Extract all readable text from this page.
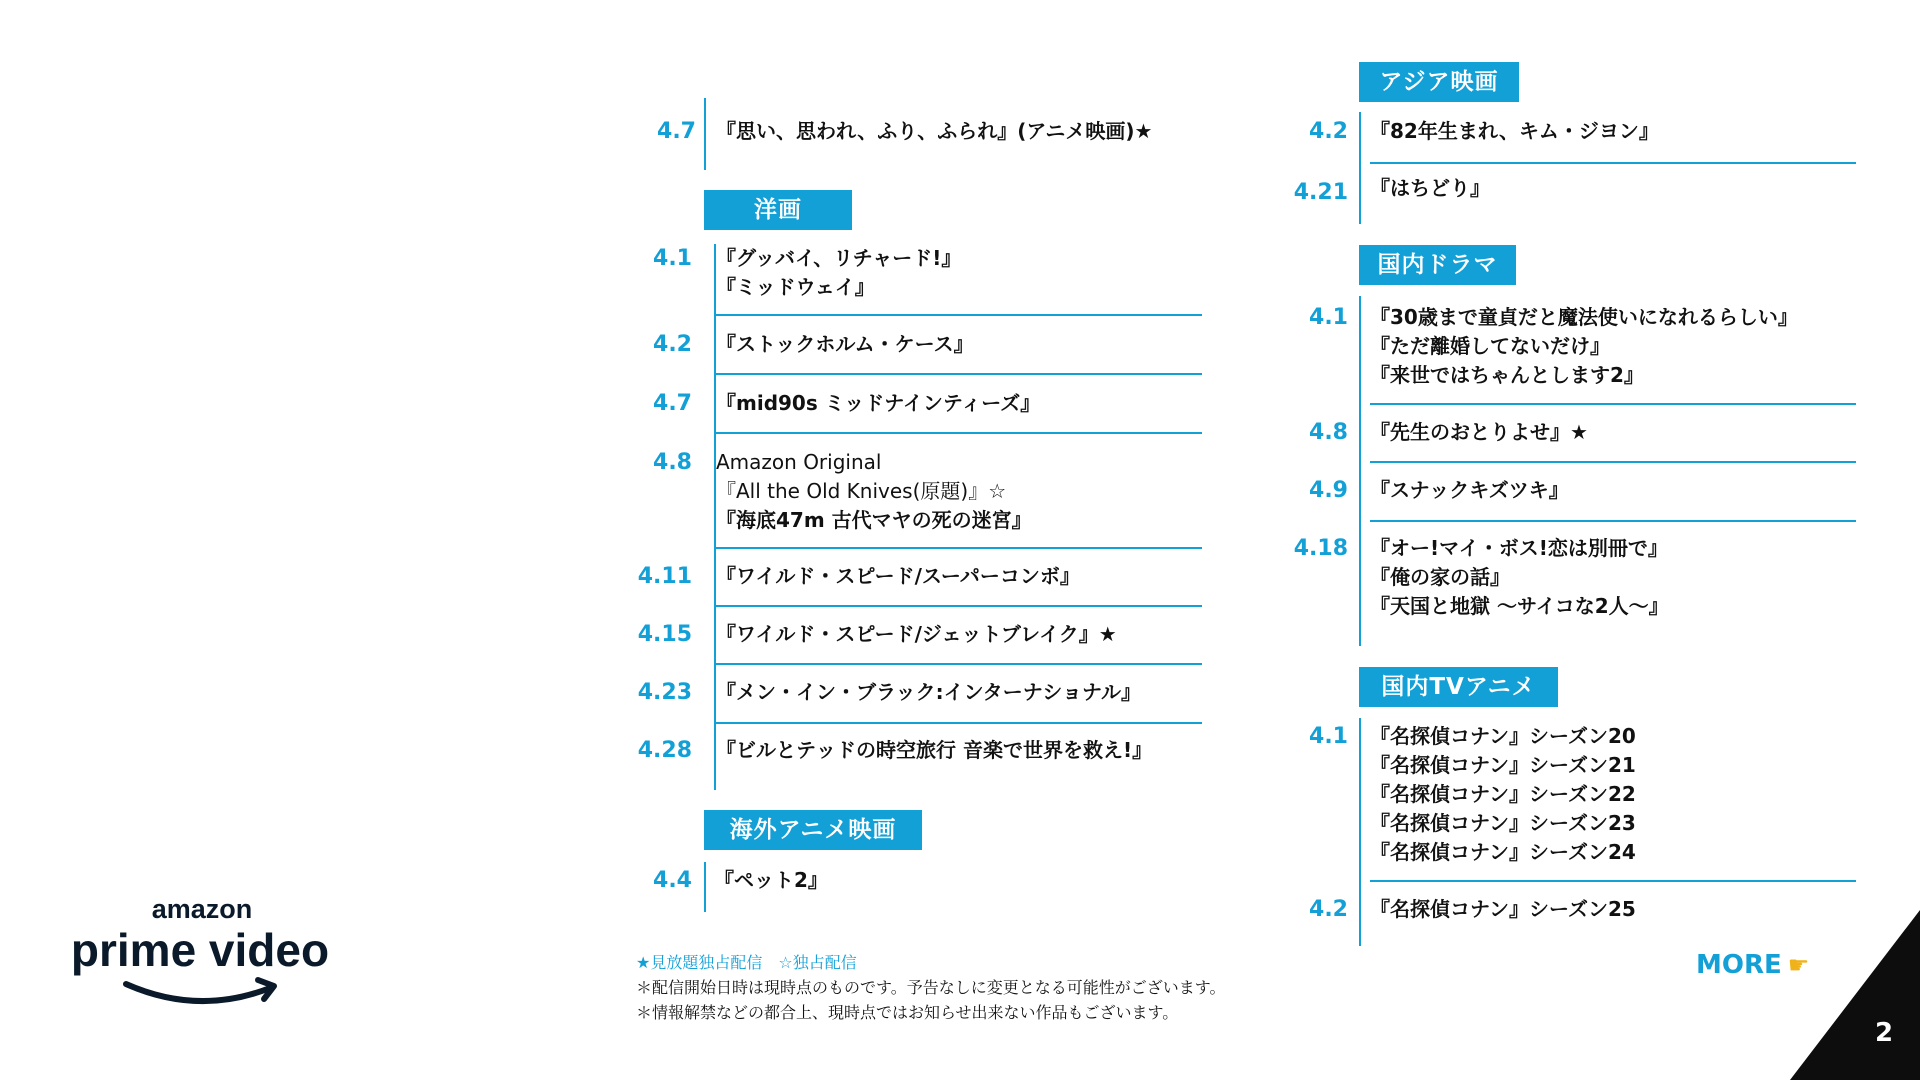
4.7 『思い、思われ、ふり、ふられ』(アニメ映画)★
洋画
4.1 『グッバイ、リチャード!』
『ミッドウェイ』
4.2 『ストックホルム・ケース』
4.7 『mid90s ミッドナインティーズ』
4.8 Amazon Original
『All the Old Knives(原題)』☆
『海底47m 古代マヤの死の迷宮』
4.11 『ワイルド・スピード/スーパーコンボ』
4.15 『ワイルド・スピード/ジェットブレイク』★
4.23 『メン・イン・ブラック:インターナショナル』
4.28 『ビルとテッドの時空旅行 音楽で世界を救え!』
海外アニメ映画
4.4 『ペット2』
アジア映画
4.2 『82年生まれ、キム・ジヨン』
4.21 『はちどり』
国内ドラマ
4.1 『30歳まで童貞だと魔法使いになれるらしい』
『ただ離婚してないだけ』
『来世ではちゃんとします2』
4.8 『先生のおとりよせ』★
4.9 『スナックキズツキ』
4.18 『オー!マイ・ボス!恋は別冊で』
『俺の家の話』
『天国と地獄 〜サイコな2人〜』
国内TVアニメ
4.1 『名探偵コナン』シーズン20
『名探偵コナン』シーズン21
『名探偵コナン』シーズン22
『名探偵コナン』シーズン23
『名探偵コナン』シーズン24
4.2 『名探偵コナン』シーズン25
★見放題独占配信　☆独占配信
＊配信開始日時は現時点のものです。予告なしに変更となる可能性がございます。
＊情報解禁などの都合上、現時点ではお知らせ出来ない作品もございます。
amazon
prime video	MORE ☛
2
